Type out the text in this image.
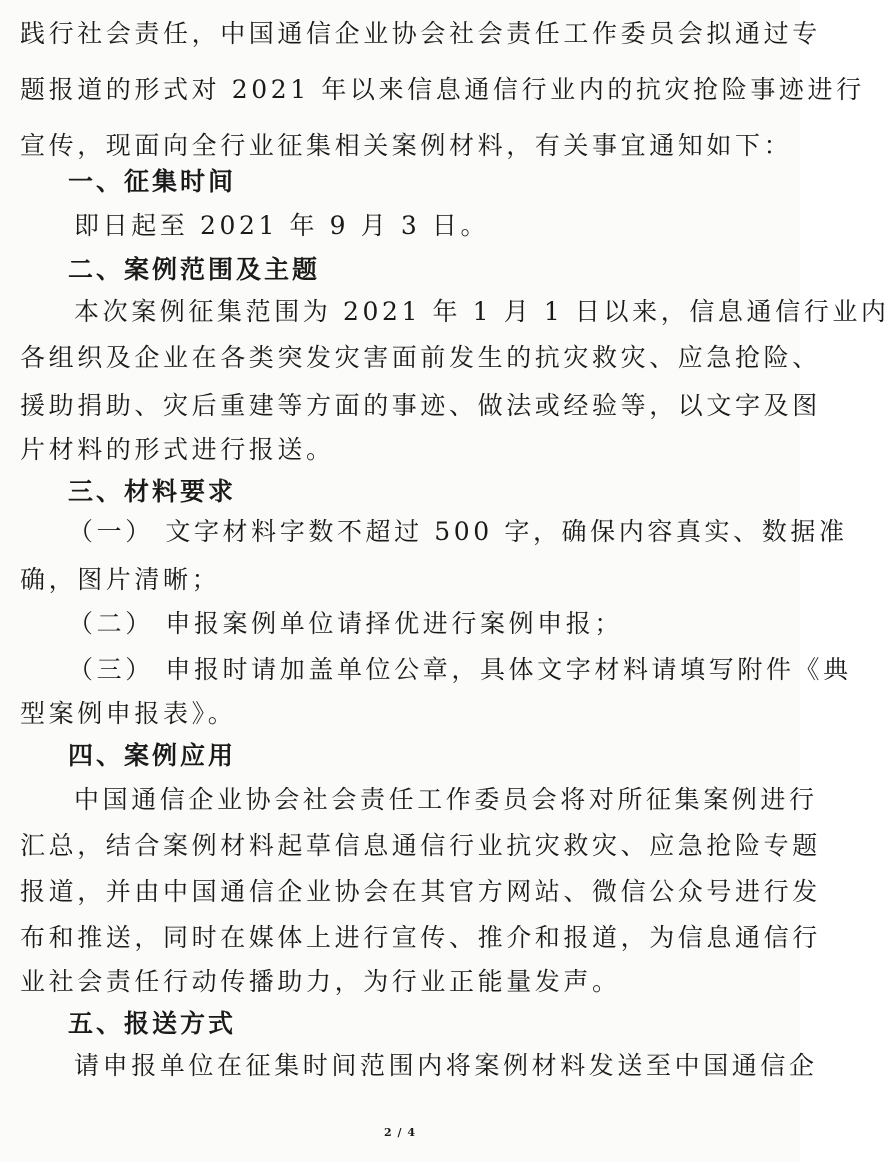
践行社会责任，中国通信企业协会社会责任工作委员会拟通过专
题报道的形式对 2021 年以来信息通信行业内的抗灾抢险事迹进行
宣传，现面向全行业征集相关案例材料，有关事宜通知如下：
一、征集时间
即日起至 2021 年 9 月 3 日。
二、案例范围及主题
本次案例征集范围为 2021 年 1 月 1 日以来，信息通信行业内
各组织及企业在各类突发灾害面前发生的抗灾救灾、应急抢险、
援助捐助、灾后重建等方面的事迹、做法或经验等，以文字及图
片材料的形式进行报送。
三、材料要求
（一） 文字材料字数不超过 500 字，确保内容真实、数据准
确，图片清晰；
（二） 申报案例单位请择优进行案例申报；
（三） 申报时请加盖单位公章，具体文字材料请填写附件《典
型案例申报表》。
四、案例应用
中国通信企业协会社会责任工作委员会将对所征集案例进行
汇总，结合案例材料起草信息通信行业抗灾救灾、应急抢险专题
报道，并由中国通信企业协会在其官方网站、微信公众号进行发
布和推送，同时在媒体上进行宣传、推介和报道，为信息通信行
业社会责任行动传播助力，为行业正能量发声。
五、报送方式
请申报单位在征集时间范围内将案例材料发送至中国通信企
2 / 4
